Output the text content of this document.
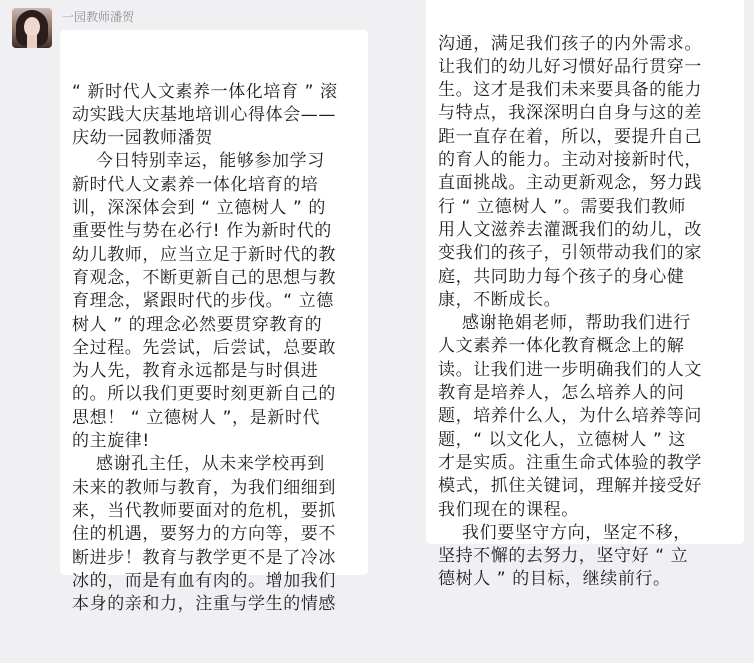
一园教师潘贺

“ 新时代人文素养一体化培育 ” 滚
动实践大庆基地培训心得体会——
庆幼一园教师潘贺
今日特别幸运，能够参加学习
新时代人文素养一体化培育的培
训，深深体会到 “ 立德树人 ” 的
重要性与势在必行! 作为新时代的
幼儿教师，应当立足于新时代的教
育观念，不断更新自己的思想与教
育理念，紧跟时代的步伐。“ 立德
树人 ” 的理念必然要贯穿教育的
全过程。先尝试，后尝试，总要敢
为人先，教育永远都是与时俱进
的。所以我们更要时刻更新自己的
思想！ “ 立德树人 ”，是新时代
的主旋律!
感谢孔主任，从未来学校再到
未来的教师与教育，为我们细细到
来，当代教师要面对的危机，要抓
住的机遇，要努力的方向等，要不
断进步！教育与教学更不是了冷冰
冰的，而是有血有肉的。增加我们
本身的亲和力，注重与学生的情感

沟通，满足我们孩子的内外需求。
让我们的幼儿好习惯好品行贯穿一
生。这才是我们未来要具备的能力
与特点，我深深明白自身与这的差
距一直存在着，所以，要提升自己
的育人的能力。主动对接新时代，
直面挑战。主动更新观念，努力践
行 “ 立德树人 ”。需要我们教师
用人文滋养去灌溉我们的幼儿，改
变我们的孩子，引领带动我们的家
庭，共同助力每个孩子的身心健
康，不断成长。
感谢艳娟老师，帮助我们进行
人文素养一体化教育概念上的解
读。让我们进一步明确我们的人文
教育是培养人，怎么培养人的问
题，培养什么人，为什么培养等问
题，“ 以文化人，立德树人 ” 这
才是实质。注重生命式体验的教学
模式，抓住关键词，理解并接受好
我们现在的课程。
我们要坚守方向，坚定不移，
坚持不懈的去努力，坚守好 “ 立
德树人 ” 的目标，继续前行。
